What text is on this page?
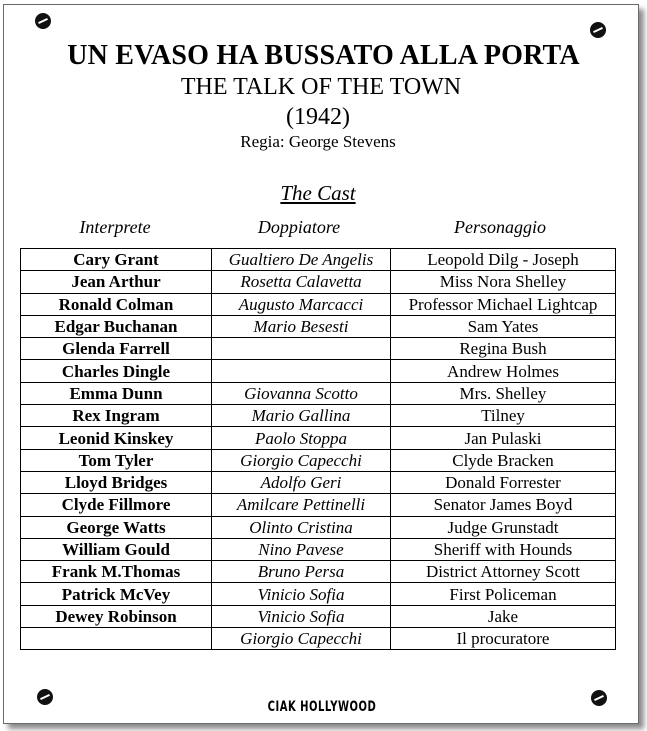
UN EVASO HA BUSSATO ALLA PORTA
THE TALK OF THE TOWN
(1942)
Regia: George Stevens
The Cast
Interprete	Doppiatore	Personaggio
Cary Grant	Gualtiero De Angelis	Leopold Dilg - Joseph
Jean Arthur	Rosetta Calavetta	Miss Nora Shelley
Ronald Colman	Augusto Marcacci	Professor Michael Lightcap
Edgar Buchanan	Mario Besesti	Sam Yates
Glenda Farrell		Regina Bush
Charles Dingle		Andrew Holmes
Emma Dunn	Giovanna Scotto	Mrs. Shelley
Rex Ingram	Mario Gallina	Tilney
Leonid Kinskey	Paolo Stoppa	Jan Pulaski
Tom Tyler	Giorgio Capecchi	Clyde Bracken
Lloyd Bridges	Adolfo Geri	Donald Forrester
Clyde Fillmore	Amilcare Pettinelli	Senator James Boyd
George Watts	Olinto Cristina	Judge Grunstadt
William Gould	Nino Pavese	Sheriff with Hounds
Frank M.Thomas	Bruno Persa	District Attorney Scott
Patrick McVey	Vinicio Sofia	First Policeman
Dewey Robinson	Vinicio Sofia	Jake
	Giorgio Capecchi	Il procuratore
CIAK HOLLYWOOD
